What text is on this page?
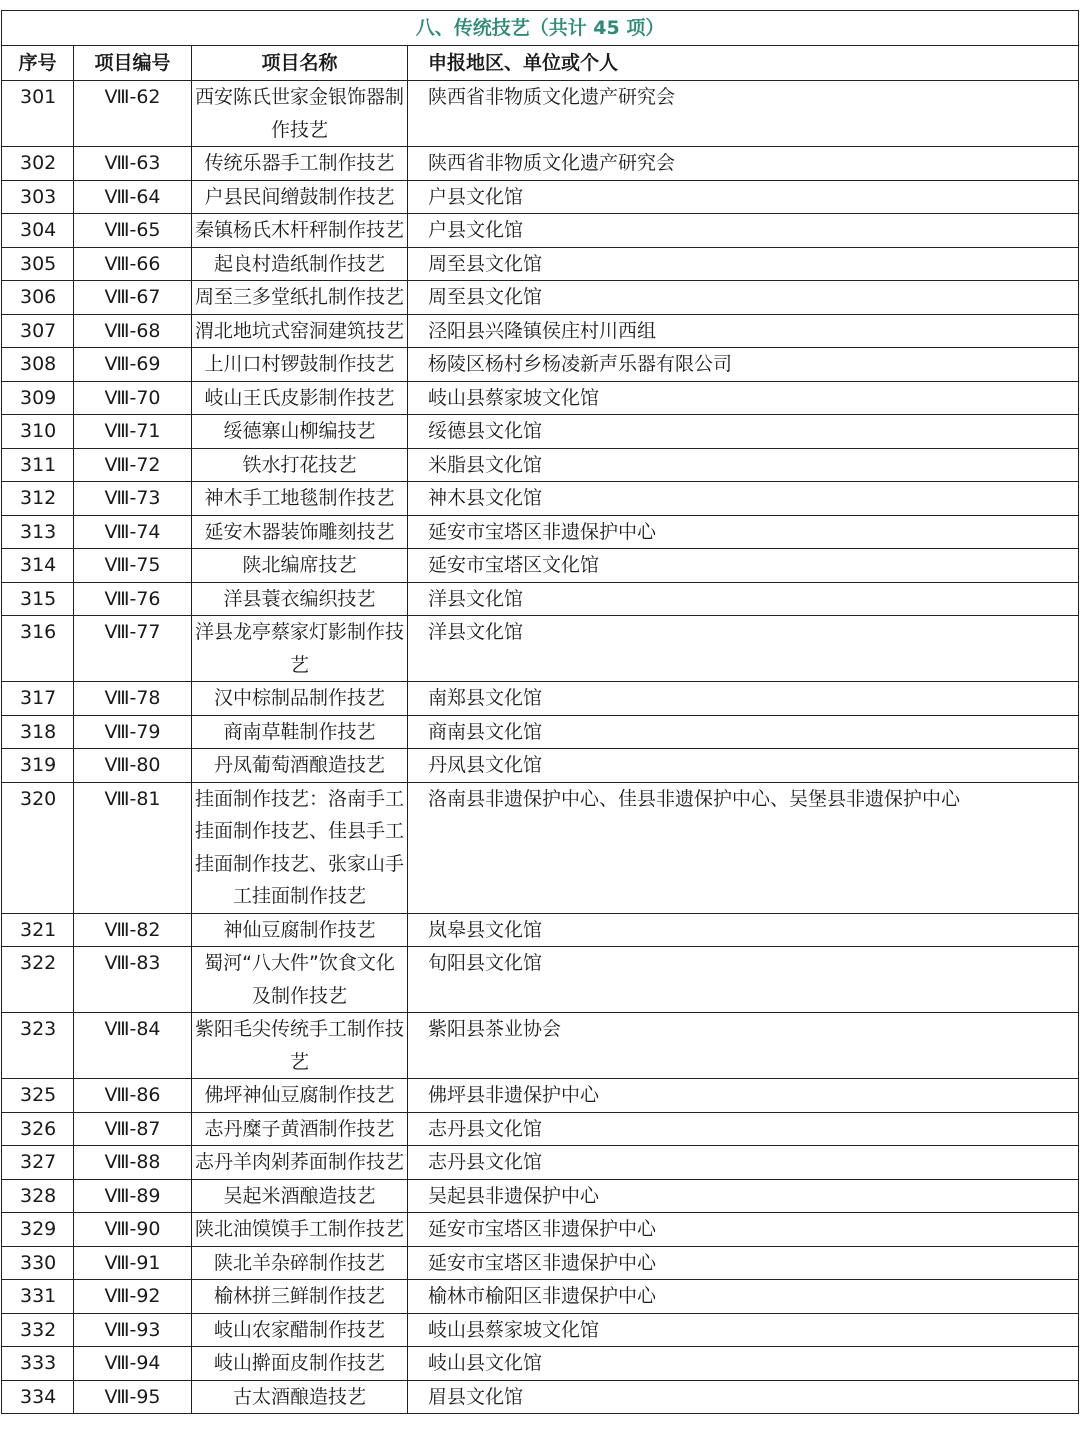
八、传统技艺（共计 45 项）			
序号	项目编号	项目名称	申报地区、单位或个人
301	Ⅷ-62	西安陈氏世家金银饰器制作技艺	陕西省非物质文化遗产研究会
302	Ⅷ-63	传统乐器手工制作技艺	陕西省非物质文化遗产研究会
303	Ⅷ-64	户县民间缯鼓制作技艺	户县文化馆
304	Ⅷ-65	秦镇杨氏木杆秤制作技艺	户县文化馆
305	Ⅷ-66	起良村造纸制作技艺	周至县文化馆
306	Ⅷ-67	周至三多堂纸扎制作技艺	周至县文化馆
307	Ⅷ-68	渭北地坑式窑洞建筑技艺	泾阳县兴隆镇侯庄村川西组
308	Ⅷ-69	上川口村锣鼓制作技艺	杨陵区杨村乡杨凌新声乐器有限公司
309	Ⅷ-70	岐山王氏皮影制作技艺	岐山县蔡家坡文化馆
310	Ⅷ-71	绥德寨山柳编技艺	绥德县文化馆
311	Ⅷ-72	铁水打花技艺	米脂县文化馆
312	Ⅷ-73	神木手工地毯制作技艺	神木县文化馆
313	Ⅷ-74	延安木器装饰雕刻技艺	延安市宝塔区非遗保护中心
314	Ⅷ-75	陕北编席技艺	延安市宝塔区文化馆
315	Ⅷ-76	洋县蓑衣编织技艺	洋县文化馆
316	Ⅷ-77	洋县龙亭蔡家灯影制作技艺	洋县文化馆
317	Ⅷ-78	汉中棕制品制作技艺	南郑县文化馆
318	Ⅷ-79	商南草鞋制作技艺	商南县文化馆
319	Ⅷ-80	丹凤葡萄酒酿造技艺	丹凤县文化馆
320	Ⅷ-81	挂面制作技艺：洛南手工挂面制作技艺、佳县手工挂面制作技艺、张家山手工挂面制作技艺	洛南县非遗保护中心、佳县非遗保护中心、吴堡县非遗保护中心
321	Ⅷ-82	神仙豆腐制作技艺	岚皋县文化馆
322	Ⅷ-83	蜀河“八大件”饮食文化及制作技艺	旬阳县文化馆
323	Ⅷ-84	紫阳毛尖传统手工制作技艺	紫阳县茶业协会
325	Ⅷ-86	佛坪神仙豆腐制作技艺	佛坪县非遗保护中心
326	Ⅷ-87	志丹糜子黄酒制作技艺	志丹县文化馆
327	Ⅷ-88	志丹羊肉剁荞面制作技艺	志丹县文化馆
328	Ⅷ-89	吴起米酒酿造技艺	吴起县非遗保护中心
329	Ⅷ-90	陕北油馍馍手工制作技艺	延安市宝塔区非遗保护中心
330	Ⅷ-91	陕北羊杂碎制作技艺	延安市宝塔区非遗保护中心
331	Ⅷ-92	榆林拼三鲜制作技艺	榆林市榆阳区非遗保护中心
332	Ⅷ-93	岐山农家醋制作技艺	岐山县蔡家坡文化馆
333	Ⅷ-94	岐山擀面皮制作技艺	岐山县文化馆
334	Ⅷ-95	古太酒酿造技艺	眉县文化馆
